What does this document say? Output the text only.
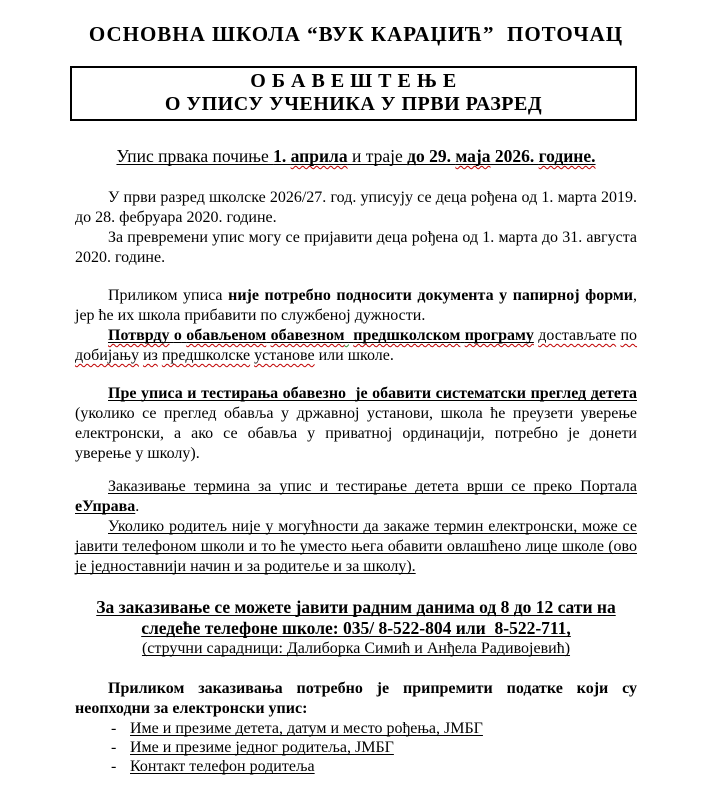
ОСНОВНА ШКОЛА “ВУК КАРАЏИЋ”  ПОТОЧАЦ
О Б А В Е Ш Т Е Њ Е
О УПИСУ УЧЕНИКА У ПРВИ РАЗРЕД
Упис првака почиње 1. априла и траје до 29. маја 2026. године.
У први разред школске 2026/27. год. уписују се деца рођена од 1. марта 2019. до 28. фебруара 2020. године.
За превремени упис могу се пријавити деца рођена од 1. марта до 31. августа 2020. године.
Приликом уписа није потребно подносити документа у папирној форми, јер ће их школа прибавити по службеној дужности.
Потврду о обављеном обавезном предшколском програму достављате по добијању из предшколске установе или школе.
Пре уписа и тестирања обавезно  је обавити систематски преглед детета (уколико се преглед обавља у државној установи, школа ће преузети уверење електронски, а ако се обавља у приватној ординацији, потребно је донети уверење у школу).
Заказивање термина за упис и тестирање детета врши се преко Портала еУправа.
Уколико родитељ није у могућности да закаже термин електронски, може се јавити телефоном школи и то ће уместо њега обавити овлашћено лице школе (ово је једноставнији начин и за родитеље и за школу).
За заказивање се можете јавити радним данима од 8 до 12 сати на следеће телефоне школе: 035/ 8-522-804 или  8-522-711,
(стручни сарадници: Далиборка Симић и Анђела Радивојевић)
Приликом заказивања потребно је припремити податке који су неопходни за електронски упис:
- Име и презиме детета, датум и место рођења, ЈМБГ
- Име и презиме једног родитеља, ЈМБГ
- Контакт телефон родитеља
